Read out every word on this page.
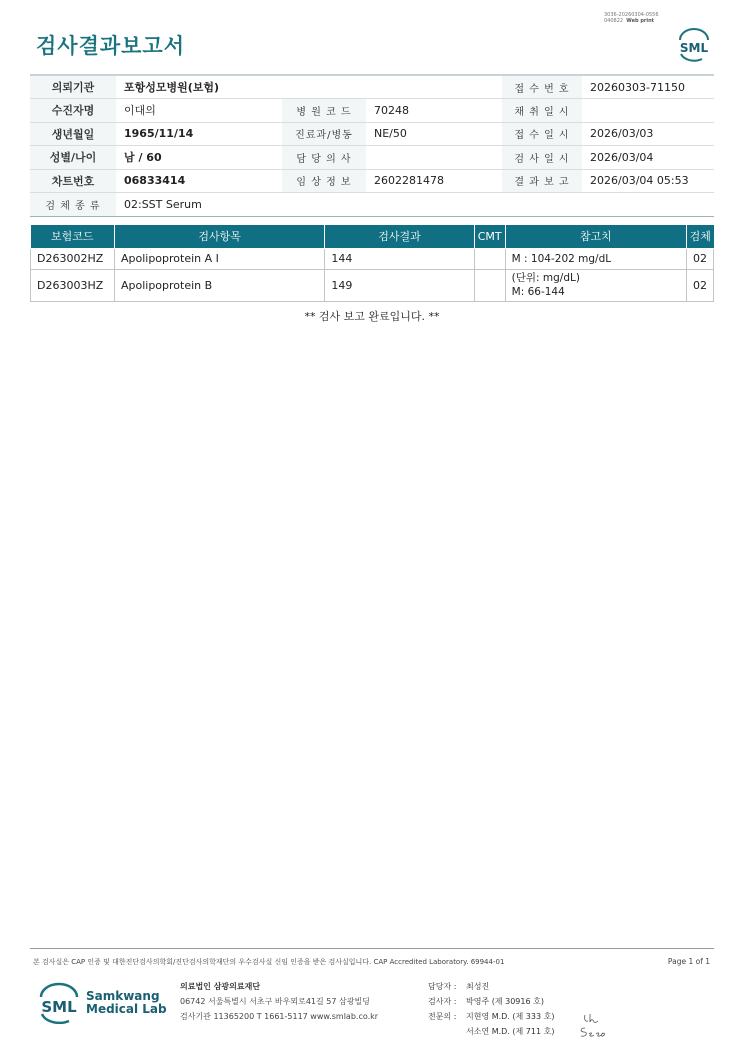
3036-20260304-0556
040822 Web print
검사결과보고서	SML
의뢰기관	포항성모병원(보험)			접 수 번 호	20260303-71150
수진자명	이대의	병 원 코 드	70248	채 취 일 시	
생년월일	1965/11/14	진료과/병동	NE/50	접 수 일 시	2026/03/03
성별/나이	남 / 60	담 당 의 사		검 사 일 시	2026/03/04
차트번호	06833414	임 상 정 보	2602281478	결 과 보 고	2026/03/04 05:53
검 체 종 류	02:SST Serum				
보험코드	검사항목	검사결과	CMT	참고치	검체
D263002HZ	Apolipoprotein A I	144		M : 104-202 mg/dL	02
D263003HZ	Apolipoprotein B	149		(단위: mg/dL)
M: 66-144	02
** 검사 보고 완료입니다. **
본 검사실은 CAP 인증 및 대한진단검사의학회/진단검사의학재단의 우수검사실 신임 인증을 받은 검사실입니다. CAP Accredited Laboratory. 69944-01	Page 1 of 1
SML
Samkwang
Medical Lab
의료법인 삼광의료재단
06742 서울특별시 서초구 바우뫼로41길 57 삼광빌딩
검사기관 11365200 T 1661-5117 www.smlab.co.kr
담당자 : 최성진
검사자 : 박영주 (제 30916 호)
전문의 : 지현영 M.D. (제 333 호)
서소연 M.D. (제 711 호)
